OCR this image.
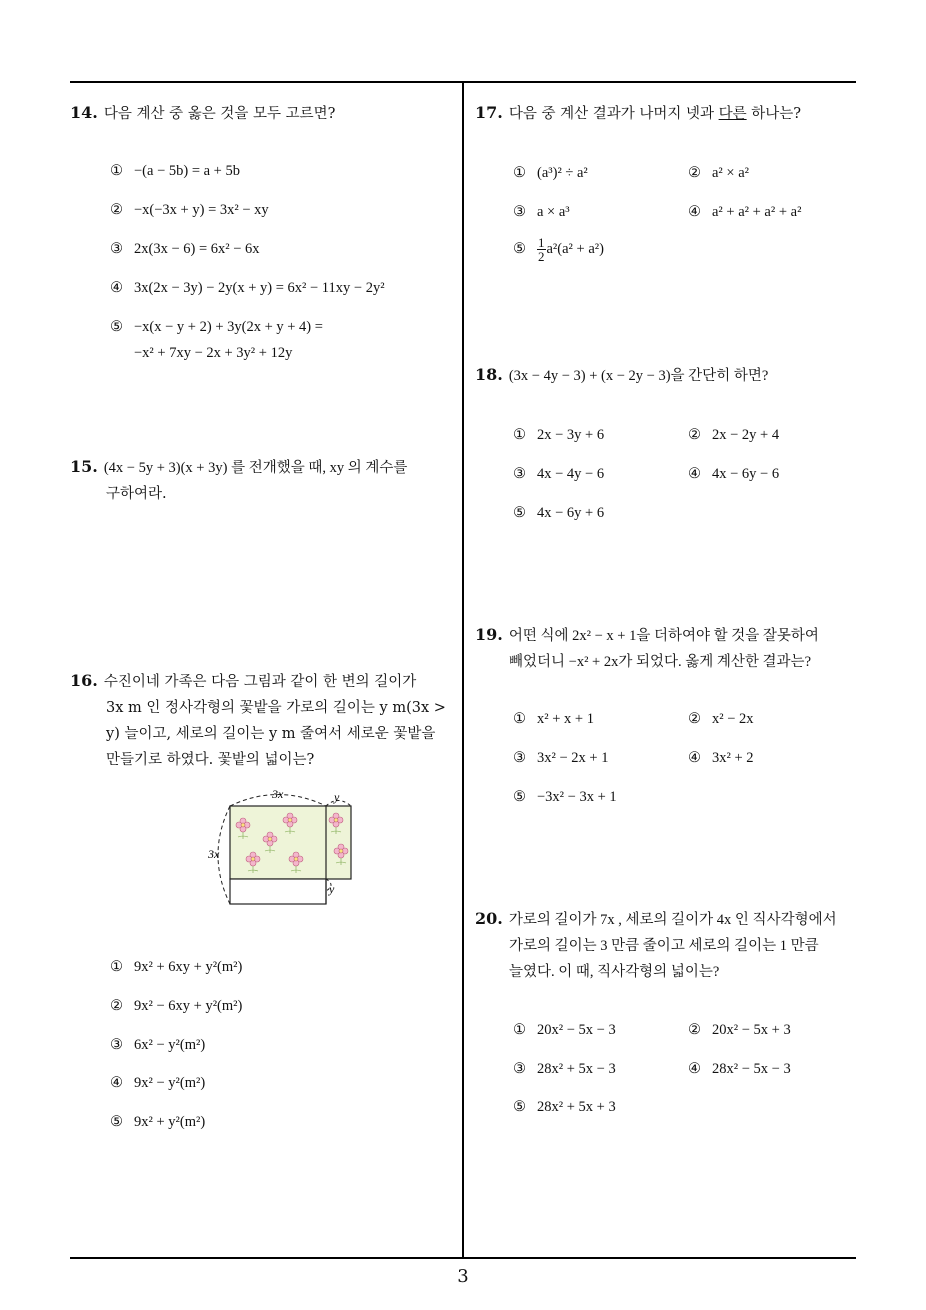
14. 다음 계산 중 옳은 것을 모두 고르면?
① −(a − 5b) = a + 5b
② −x(−3x + y) = 3x² − xy
③ 2x(3x − 6) = 6x² − 6x
④ 3x(2x − 3y) − 2y(x + y) = 6x² − 11xy − 2y²
⑤ −x(x − y + 2) + 3y(2x + y + 4) =
−x² + 7xy − 2x + 3y² + 12y
15. (4x − 5y + 3)(x + 3y) 를 전개했을 때, xy 의 계수를
구하여라.
16. 수진이네 가족은 다음 그림과 같이 한 변의 길이가
3x m 인 정사각형의 꽃밭을 가로의 길이는 y m(3x >
y) 늘이고, 세로의 길이는 y m 줄여서 세로운 꽃밭을
만들기로 하였다. 꽃밭의 넓이는?
3x
3x
y
y
① 9x² + 6xy + y²(m²)
② 9x² − 6xy + y²(m²)
③ 6x² − y²(m²)
④ 9x² − y²(m²)
⑤ 9x² + y²(m²)
17. 다음 중 계산 결과가 나머지 넷과 다른 하나는?
① (a³)² ÷ a²	② a² × a²
③ a × a³	④ a² + a² + a² + a²
⑤ $\frac{1}{2} a^2(a^2 + a^2)$
18. (3x − 4y − 3) + (x − 2y − 3)을 간단히 하면?
① 2x − 3y + 6	② 2x − 2y + 4
③ 4x − 4y − 6	④ 4x − 6y − 6
⑤ 4x − 6y + 6
19. 어떤 식에 2x² − x + 1을 더하여야 할 것을 잘못하여
빼었더니 −x² + 2x가 되었다. 옳게 계산한 결과는?
① x² + x + 1	② x² − 2x
③ 3x² − 2x + 1	④ 3x² + 2
⑤ −3x² − 3x + 1
20. 가로의 길이가 7x , 세로의 길이가 4x 인 직사각형에서
가로의 길이는 3 만큼 줄이고 세로의 길이는 1 만큼
늘였다. 이 때, 직사각형의 넓이는?
① 20x² − 5x − 3	② 20x² − 5x + 3
③ 28x² + 5x − 3	④ 28x² − 5x − 3
⑤ 28x² + 5x + 3
3
